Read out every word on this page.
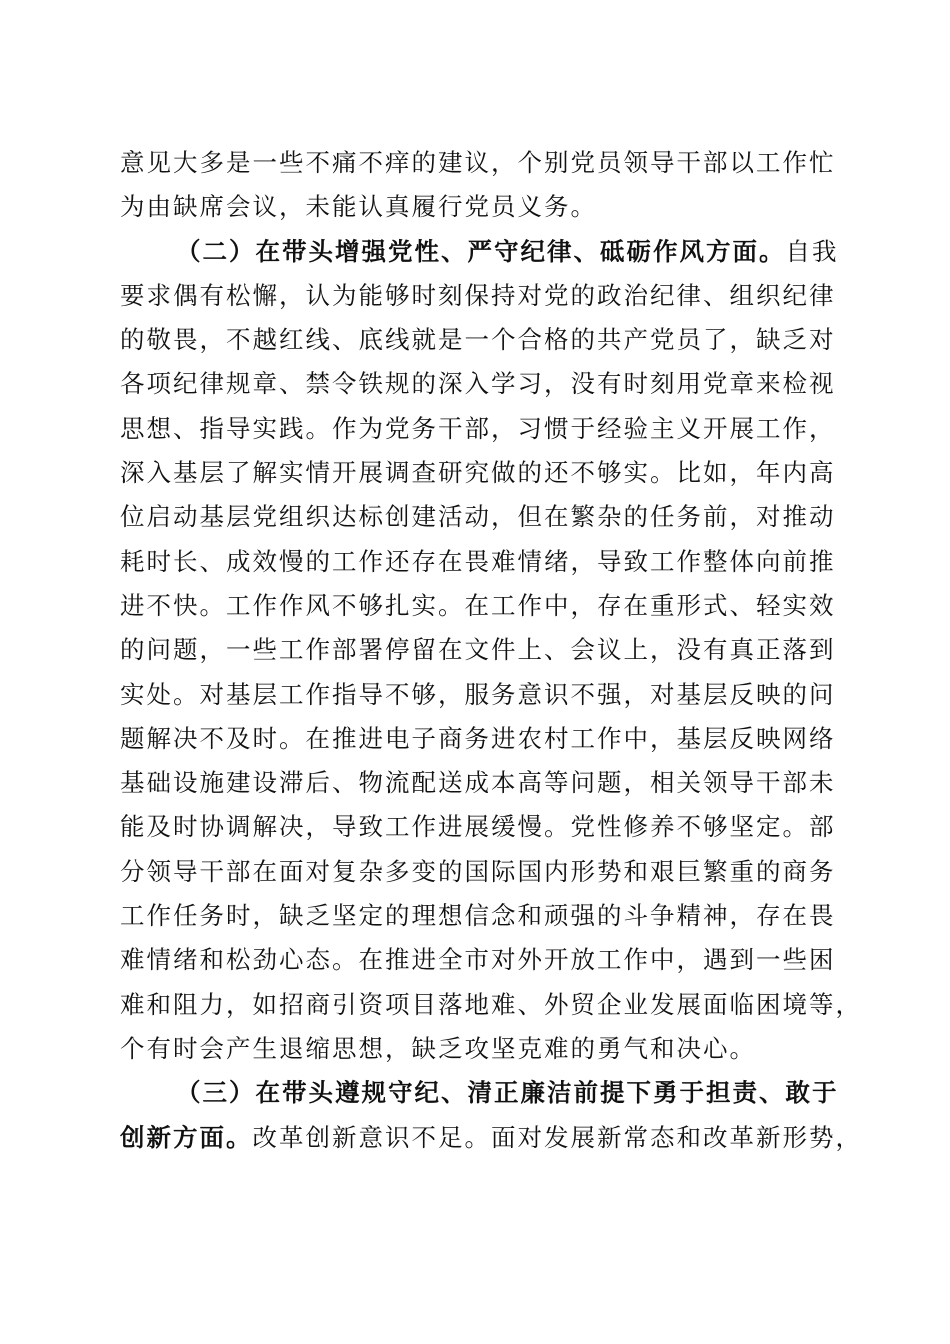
意见大多是一些不痛不痒的建议，个别党员领导干部以工作忙
为由缺席会议，未能认真履行党员义务。
（二）在带头增强党性、严守纪律、砥砺作风方面。自我
要求偶有松懈，认为能够时刻保持对党的政治纪律、组织纪律
的敬畏，不越红线、底线就是一个合格的共产党员了，缺乏对
各项纪律规章、禁令铁规的深入学习，没有时刻用党章来检视
思想、指导实践。作为党务干部，习惯于经验主义开展工作，
深入基层了解实情开展调查研究做的还不够实。比如，年内高
位启动基层党组织达标创建活动，但在繁杂的任务前，对推动
耗时长、成效慢的工作还存在畏难情绪，导致工作整体向前推
进不快。工作作风不够扎实。在工作中，存在重形式、轻实效
的问题，一些工作部署停留在文件上、会议上，没有真正落到
实处。对基层工作指导不够，服务意识不强，对基层反映的问
题解决不及时。在推进电子商务进农村工作中，基层反映网络
基础设施建设滞后、物流配送成本高等问题，相关领导干部未
能及时协调解决，导致工作进展缓慢。党性修养不够坚定。部
分领导干部在面对复杂多变的国际国内形势和艰巨繁重的商务
工作任务时，缺乏坚定的理想信念和顽强的斗争精神，存在畏
难情绪和松劲心态。在推进全市对外开放工作中，遇到一些困
难和阻力，如招商引资项目落地难、外贸企业发展面临困境等，
个有时会产生退缩思想，缺乏攻坚克难的勇气和决心。
（三）在带头遵规守纪、清正廉洁前提下勇于担责、敢于
创新方面。改革创新意识不足。面对发展新常态和改革新形势，
